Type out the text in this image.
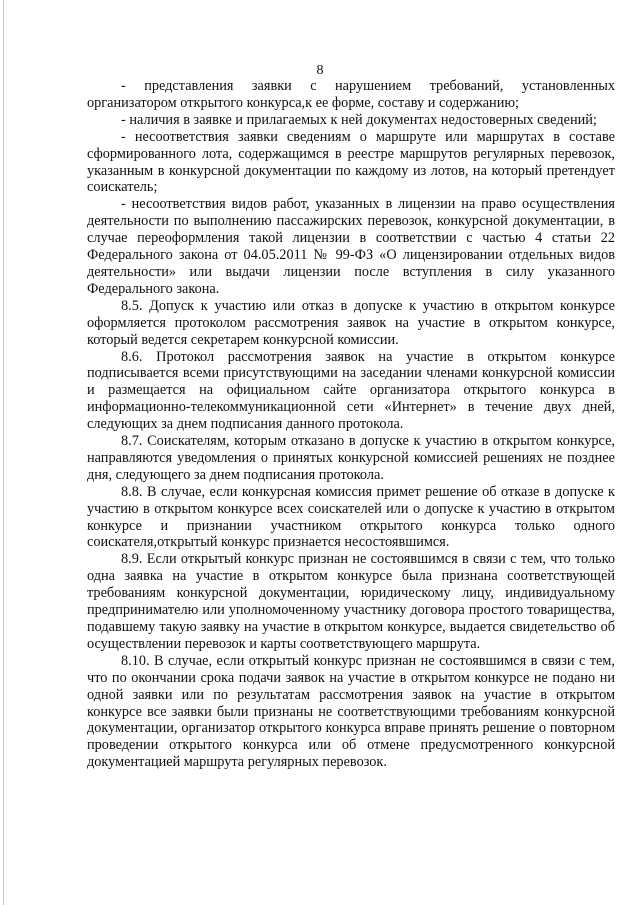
8

- представления заявки с нарушением требований, установленных организатором открытого конкурса,к ее форме, составу и содержанию;

- наличия в заявке и прилагаемых к ней документах недостоверных сведений;

- несоответствия заявки сведениям о маршруте или маршрутах в составе сформированного лота, содержащимся в реестре маршрутов регулярных перевозок, указанным в конкурсной документации по каждому из лотов, на который претендует соискатель;

- несоответствия видов работ, указанных в лицензии на право осуществления деятельности по выполнению пассажирских перевозок, конкурсной документации, в случае переоформления такой лицензии в соответствии с частью 4 статьи 22 Федерального закона от 04.05.2011 № 99-ФЗ «О лицензировании отдельных видов деятельности» или выдачи лицензии после вступления в силу указанного Федерального закона.

8.5. Допуск к участию или отказ в допуске к участию в открытом конкурсе оформляется протоколом рассмотрения заявок на участие в открытом конкурсе, который ведется секретарем конкурсной комиссии.

8.6. Протокол рассмотрения заявок на участие в открытом конкурсе подписывается всеми присутствующими на заседании членами конкурсной комиссии и размещается на официальном сайте организатора открытого конкурса в информационно-телекоммуникационной сети «Интернет» в течение двух дней, следующих за днем подписания данного протокола.

8.7. Соискателям, которым отказано в допуске к участию в открытом конкурсе, направляются уведомления о принятых конкурсной комиссией решениях не позднее дня, следующего за днем подписания протокола.

8.8. В случае, если конкурсная комиссия примет решение об отказе в допуске к участию в открытом конкурсе всех соискателей или о допуске к участию в открытом конкурсе и признании участником открытого конкурса только одного соискателя,открытый конкурс признается несостоявшимся.

8.9. Если открытый конкурс признан не состоявшимся в связи с тем, что только одна заявка на участие в открытом конкурсе была признана соответствующей требованиям конкурсной документации, юридическому лицу, индивидуальному предпринимателю или уполномоченному участнику договора простого товарищества, подавшему такую заявку на участие в открытом конкурсе, выдается свидетельство об осуществлении перевозок и карты соответствующего маршрута.

8.10. В случае, если открытый конкурс признан не состоявшимся в связи с тем, что по окончании срока подачи заявок на участие в открытом конкурсе не подано ни одной заявки или по результатам рассмотрения заявок на участие в открытом конкурсе все заявки были признаны не соответствующими требованиям конкурсной документации, организатор открытого конкурса вправе принять решение о повторном проведении открытого конкурса или об отмене предусмотренного конкурсной документацией маршрута регулярных перевозок.
